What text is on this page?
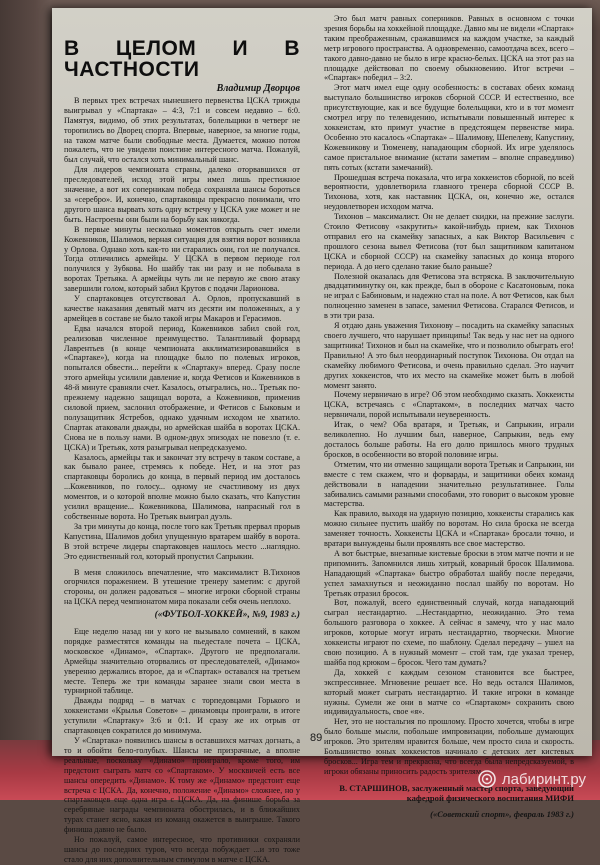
В ЦЕЛОМ И В ЧАСТНОСТИ
Владимир Дворцов

В первых трех встречах нынешнего первенства ЦСКА трижды выигрывал у «Спартака» – 4:3, 7:1 и совсем недавно – 6:0. Памятуя, видимо, об этих результатах, болельщики в четверг не торопились во Дворец спорта. Впервые, наверное, за многие годы, на таком матче были свободные места. Думается, можно потом пожалеть, что не увидели поистине интересного матча. Пожалуй, был случай, что остался хоть минимальный шанс.

Для лидеров чемпионата страны, далеко оторвавшихся от преследователей, исход этой игры имел лишь престижное значение, а вот их соперникам победа сохраняла шансы бороться за «серебро». И, конечно, спартаковцы прекрасно понимали, что другого шанса вырвать хоть одну встречу у ЦСКА уже может и не быть. Настроены они были на борьбу как никогда.

В первые минуты несколько моментов открыть счет имели Кожевников, Шалимов, верная ситуация для взятия ворот возникла у Орлова. Однако хоть как-то ни старались они, гол не получался. Тогда отличились армейцы. У ЦСКА в первом периоде гол получился у Зубкова. Но шайбу так ни разу и не побывала в воротах Третьяка. А армейцы чуть ли не первую же свою атаку завершили голом, который забил Крутов с подачи Ларионова.

У спартаковцев отсутствовал А. Орлов, пропускавший в качестве наказания девятый матч из десяти им положенных, а у армейцев в составе не было такой игры Макаров и Герасимов.

Едва начался второй период, Кожевников забил свой гол, реализовав численное преимущество. Талантливый форвард Лаврентьев (в конце чемпионата акклиматизировавшийся в «Спартаке»), когда на площадке было по полевых игроков, попытался обвести... перейти к «Спартаку» вперед. Сразу после этого армейцы усилили давление и, когда Фетисов и Кожевников в 48-й минуте сравняли счет. Казалось, отыгрались, но... Третьяк по-прежнему надежно защищал ворота, а Кожевников, применив силовой прием, заслонил отображение, и Фетисов с Быковым и полузащитник Ястребов, однако удачным исходом не хватило. Спартак атаковали дважды, но армейская шайба в воротах ЦСКА. Снова не в пользу нами. В одном-двух эпизодах не повезло (т. е. ЦСКА) и Третьяк, хотя разыгрывал непредсказуемо.

Казалось, армейцы так и закончат эту встречу в таком составе, а как бывало ранее, стремясь к победе. Нет, и на этот раз спартаковцы боролись до конца, в первый период им досталось ...Кожевников, по голосу... одному не счастливому из двух моментов, и о которой вполне можно было сказать, что Капустин усилил вращение... Кожевникова, Шалимова, напрасный гол в собственные ворота. Но Третьяк выиграл дуэль.

За три минуты до конца, после того как Третьяк прервал прорыв Капустина, Шалимов добил упущенную вратарем шайбу в ворота. В этой встрече лидеры спартаковцев нашлось место ...наглядно. Это единственный гол, который пропустил Сапрыкин.

В меня сложилось впечатление, что максималист В.Тихонов огорчился поражением. В утешение тренеру заметим: с другой стороны, он должен радоваться – многие игроки сборной страны на ЦСКА перед чемпионатом мира показали себя очень неплохо.

(«ФУТБОЛ-ХОККЕЙ», №9, 1983 г.)

Еще неделю назад ни у кого не вызывало сомнений, в каком порядке разместятся команды на пьедестале почета – ЦСКА, московское «Динамо», «Спартак». Другого не предполагали. Армейцы значительно оторвались от преследователей, «Динамо» уверенно держались второе, да и «Спартак» оставался на третьем месте. Теперь же три команды заранее знали свои места в турнирной таблице.

Дважды подряд – в матчах с торпедовцами Горького и хоккеистами «Крылья Советов» – динамовцы проиграли, в итоге уступили «Спартаку» 3:6 и 0:1. И сразу же их отрыв от спартаковцев сократился до минимума.

У «Спартака» появились шансы в оставшихся матчах догнать, а то и обойти бело-голубых. Шансы не призрачные, а вполне реальные, поскольку «Динамо» проиграло, кроме того, им предстоит сыграть матч со «Спартаком». У москвичей есть все шансы опередить «Динамо». К тому же «Динамо» предстоит еще встреча с ЦСКА. Да, конечно, положение «Динамо» сложнее, но у спартаковцев еще одна игра с ЦСКА. Да, на финише борьба за серебряные награды чемпионата обострилась, и в ближайших турах станет ясно, какая из команд окажется в выигрыше. Такого финиша давно не было.

Но пожалуй, самое интересное, что противники сохраняли шансы до последних туров, что всегда побуждает ...и это тоже стало для них дополнительным стимулом в матче с ЦСКА.

Это был матч равных соперников. Равных в основном с точки зрения борьбы на хоккейной площадке. Давно мы не видели «Спартак» таким преображенным, сражавшимся на каждом участке, за каждый метр игрового пространства. А одновременно, самоотдача всех, всего – такого давно-давно не было в игре красно-белых. ЦСКА на этот раз на площадке действовал по своему обыкновению. Итог встречи – «Спартак» победил – 3:2.

Этот матч имел еще одну особенность: в составах обеих команд выступало большинство игроков сборной СССР. И естественно, все присутствующие, как и все будущие болельщики, кто и в тот момент смотрел игру по телевидению, испытывали повышенный интерес к хоккеистам, кто примут участие в предстоящем первенстве мира. Особенно это касалось «Спартака» – Шалимову, Шепелеву, Капустину, Кожевникову и Тюменеву, нападающим сборной. Их игре уделялось самое пристальное внимание (кстати заметим – вполне справедливо) пять сотых (кстати замечаний).

Прошедшая встреча показала, что игра хоккеистов сборной, по всей вероятности, удовлетворила главного тренера сборной СССР В. Тихонова, хотя, как наставник ЦСКА, он, конечно же, остался неудовлетворен исходом матча.

Тихонов – максималист. Он не делает скидки, на прежние заслуги. Стоило Фетисову «закрутить» какой-нибудь прием, как Тихонов отправил его на скамейку запасных, а как Виктор Васильевич с прошлого сезона вывел Фетисова (тот был защитником капитаном ЦСКА и сборной СССР) на скамейку запасных до конца второго периода. А до него сделано такие было раньше?

Полезной оказалась для Фетисова эта встряска. В заключительную двадцатиминутку он, как прежде, был в обороне с Касатоновым, пока не играл с Бабиновым, и надежно стал на поле. А вот Фетисов, как был полноценно заменен в запасе, заменил Фетисова. Старался Фетисов, и в эти три раза.

Я отдаю дань уважения Тихонову – посадить на скамейку запасных своего лучшего, что нарушает принципы! Так ведь у нас нет на одного защитника! Тихонов и был на скамейке, что и позволило обыграть его! Правильно! А это был неординарный поступок Тихонова. Он отдал на скамейку любимого Фетисова, и очень правильно сделал. Это научит других хоккеистов, что их место на скамейке может быть в любой момент занято.

Почему нервничаю в игре? Об этом необходимо сказать. Хоккеисты ЦСКА, встречаясь с «Спартаком», в последних матчах часто нервничали, порой испытывали неуверенность.

Итак, о чем? Оба вратаря, и Третьяк, и Сапрыкин, играли великолепно. Но лучшим был, наверное, Сапрыкин, ведь ему досталось больше работы. На его долю пришлось много трудных бросков, в особенности во второй половине игры.

Отметим, что ни отменно защищали ворота Третьяк и Сапрыкин, ни вместе с тем скажем, что и форварды, и защитники обеих команд действовали в нападении значительно результативнее. Голы забивались самыми разными способами, это говорит о высоком уровне мастерства.

Как правило, выходя на ударную позицию, хоккеисты старались как можно сильнее пустить шайбу по воротам. Но сила броска не всегда заменяет точность. Хоккеисты ЦСКА и «Спартака» бросали точно, и вратари вынуждены были проявлять все свое мастерство.

А вот быстрые, внезапные кистевые броски в этом матче почти и не припомнить. Запомнился лишь хитрый, коварный бросок Шалимова. Нападающий «Спартака» быстро обработал шайбу после передачи, успел замахнуться и неожиданно послал шайбу по воротам. Но Третьяк отразил бросок.

Вот, пожалуй, всего единственный случай, когда нападающий сыграл нестандартно. ...Нестандартно, неожиданно. Это тема большого разговора о хоккее. А сейчас я замечу, что у нас мало игроков, которые могут играть нестандартно, творчески. Многие хоккеисты играют по схеме, по шаблону. Сделал передачу – ушел на свою позицию. А в нужный момент – стой там, где указал тренер, шайба под крюком – бросок. Чего там думать?

Да, хоккей с каждым сезоном становится все быстрее, экспрессивнее. Мгновение решает все. Но ведь остался Шалимов, который может сыграть нестандартно. И такие игроки в команде нужны. Сумели же они в матче со «Спартаком» сохранить свою индивидуальность, свое «я».

Нет, это не ностальгия по прошлому. Просто хочется, чтобы в игре было больше мысли, побольше импровизации, побольше думающих игроков. Это зрителям нравится больше, чем просто сила и скорость. Большинство юных хоккеистов начинало с детских лет кистевых бросков... Игра тем и прекрасна, что всегда была непредсказуемой, в игроки обязаны приносить радость зрителям.

В. СТАРШИНОВ, заслуженный мастер спорта, заведующий кафедрой физического воспитания МИФИ
(«Советский спорт», февраль 1983 г.)
89
лабиринт.ру
